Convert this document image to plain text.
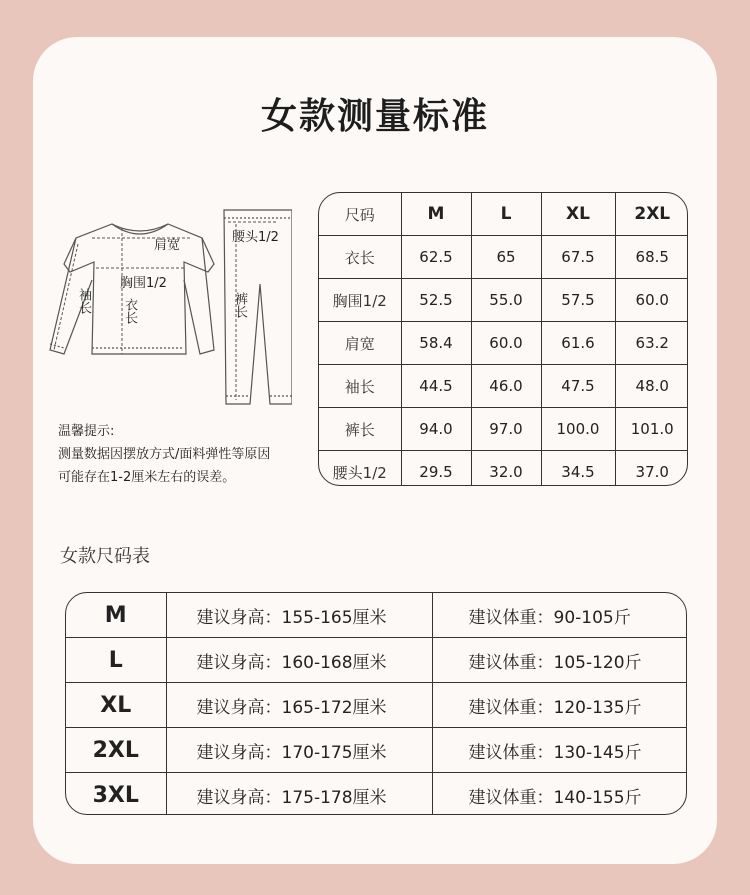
女款测量标准
肩宽
胸围1/2
袖长 衣长
腰头1/2
裤长
温馨提示:
测量数据因摆放方式/面料弹性等原因
可能存在1-2厘米左右的误差。
尺码	M	L	XL	2XL
衣长	62.5	65	67.5	68.5
胸围1/2	52.5	55.0	57.5	60.0
肩宽	58.4	60.0	61.6	63.2
袖长	44.5	46.0	47.5	48.0
裤长	94.0	97.0	100.0	101.0
腰头1/2	29.5	32.0	34.5	37.0
女款尺码表
M	建议身高：155-165厘米	建议体重：90-105斤
L	建议身高：160-168厘米	建议体重：105-120斤
XL	建议身高：165-172厘米	建议体重：120-135斤
2XL	建议身高：170-175厘米	建议体重：130-145斤
3XL	建议身高：175-178厘米	建议体重：140-155斤
